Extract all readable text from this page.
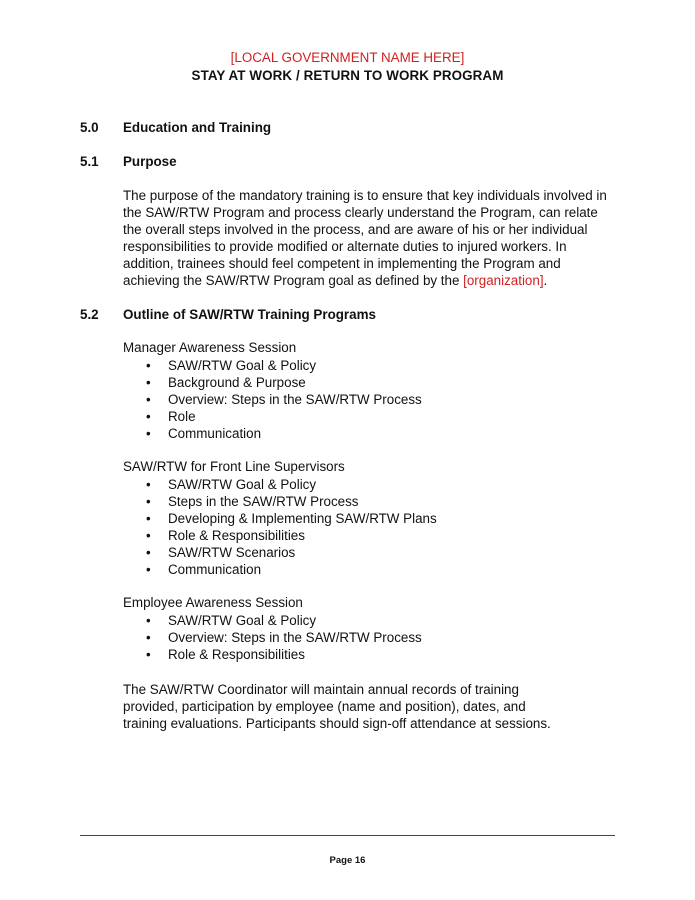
[LOCAL GOVERNMENT NAME HERE]
STAY AT WORK / RETURN TO WORK PROGRAM
5.0 Education and Training
5.1 Purpose
The purpose of the mandatory training is to ensure that key individuals involved in the SAW/RTW Program and process clearly understand the Program, can relate the overall steps involved in the process, and are aware of his or her individual responsibilities to provide modified or alternate duties to injured workers. In addition, trainees should feel competent in implementing the Program and achieving the SAW/RTW Program goal as defined by the [organization].
5.2 Outline of SAW/RTW Training Programs
Manager Awareness Session
• SAW/RTW Goal & Policy
• Background & Purpose
• Overview: Steps in the SAW/RTW Process
• Role
• Communication
SAW/RTW for Front Line Supervisors
• SAW/RTW Goal & Policy
• Steps in the SAW/RTW Process
• Developing & Implementing SAW/RTW Plans
• Role & Responsibilities
• SAW/RTW Scenarios
• Communication
Employee Awareness Session
• SAW/RTW Goal & Policy
• Overview: Steps in the SAW/RTW Process
• Role & Responsibilities
The SAW/RTW Coordinator will maintain annual records of training provided, participation by employee (name and position), dates, and training evaluations. Participants should sign-off attendance at sessions.
Page 16
